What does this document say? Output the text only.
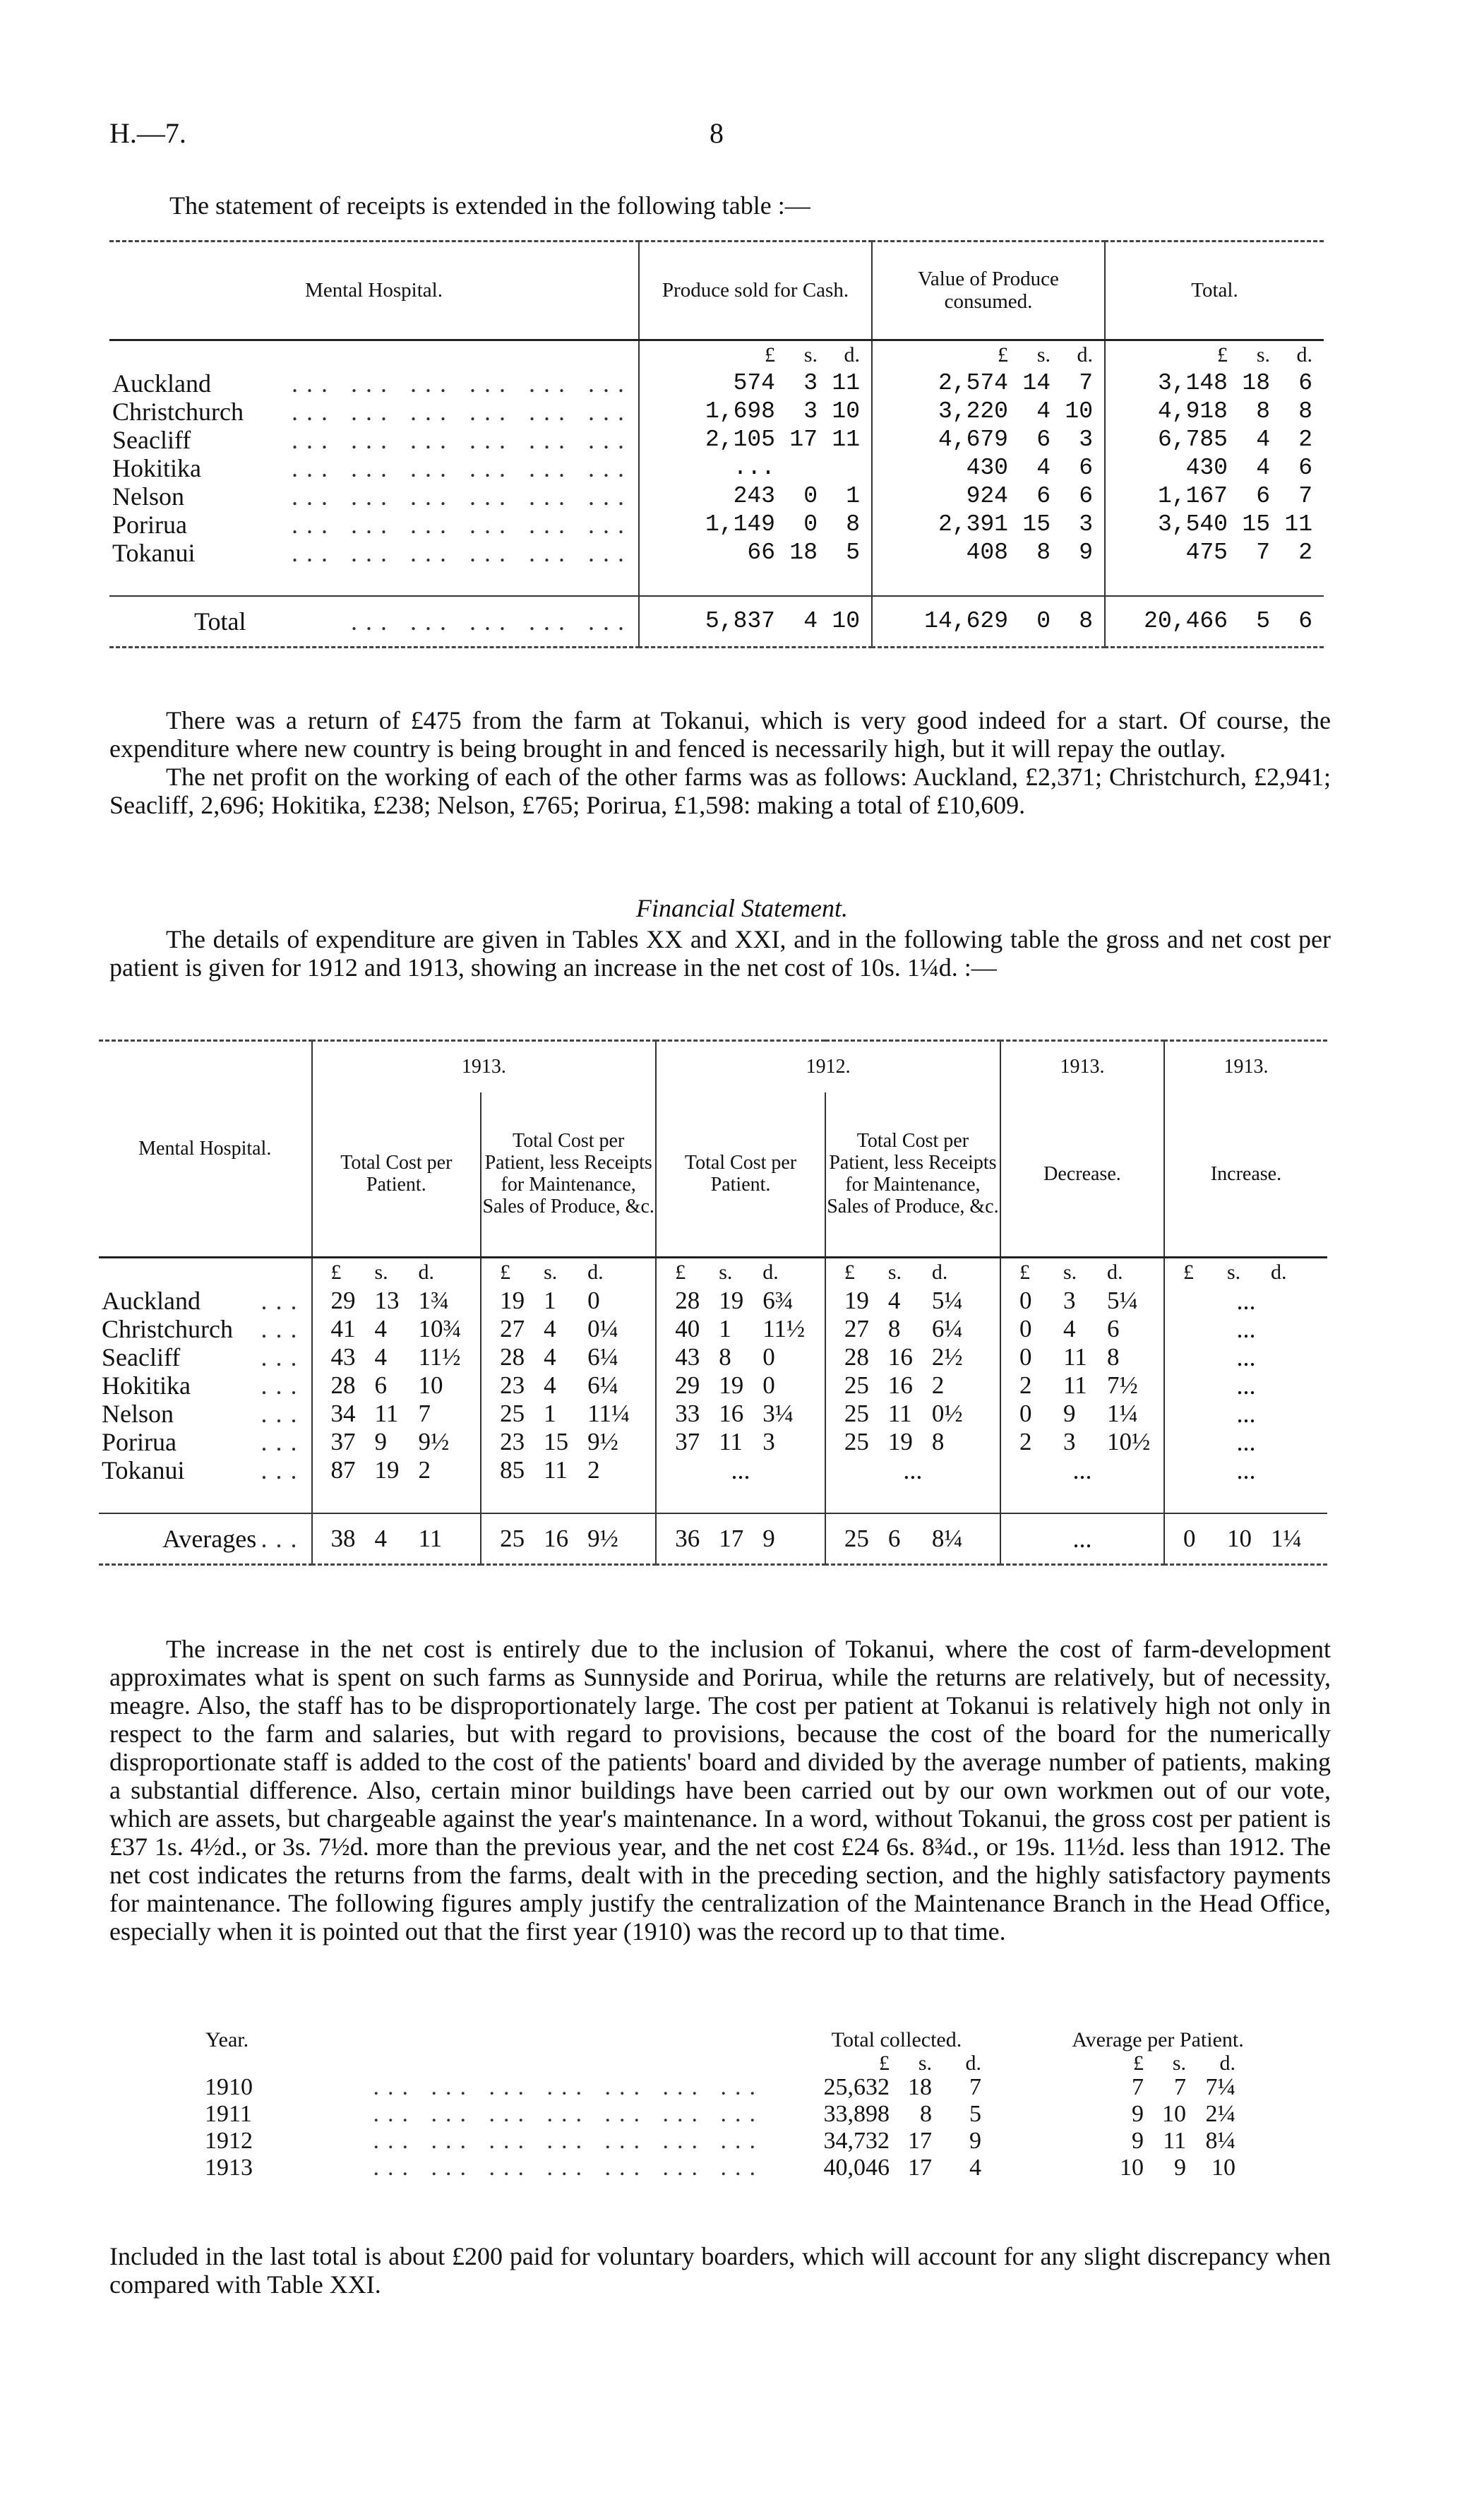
H.—7.	8
The statement of receipts is extended in the following table :—
Mental Hospital.	Produce sold for Cash.	Value of Produce consumed.	Total.

	£ s. d.	£ s. d.	£ s. d.

Auckland ... ... ... ... ... ...	574 3 11	2,574 14 7	3,148 18 6

Christchurch ... ... ... ... ... ...	1,698 3 10	3,220 4 10	4,918 8 8

Seacliff ... ... ... ... ... ...	2,105 17 11	4,679 6 3	6,785 4 2

Hokitika ... ... ... ... ... ...	...	430 4 6	430 4 6

Nelson ... ... ... ... ... ...	243 0 1	924 6 6	1,167 6 7

Porirua ... ... ... ... ... ...	1,149 0 8	2,391 15 3	3,540 15 11

Tokanui ... ... ... ... ... ...	66 18 5	408 8 9	475 7 2

Total ... ... ... ... ...	5,837 4 10	14,629 0 8	20,466 5 6

There was a return of £475 from the farm at Tokanui, which is very good indeed for a start. Of course, the expenditure where new country is being brought in and fenced is necessarily high, but it will repay the outlay.

The net profit on the working of each of the other farms was as follows: Auckland, £2,371; Christchurch, £2,941; Seacliff, 2,696; Hokitika, £238; Nelson, £765; Porirua, £1,598: making a total of £10,609.

Financial Statement.

The details of expenditure are given in Tables XX and XXI, and in the following table the gross and net cost per patient is given for 1912 and 1913, showing an increase in the net cost of 10s. 1¼d. :—

Mental Hospital.	1913.		1912.		1913.	1913.
	Total Cost per Patient.	Total Cost per Patient, less Receipts for Maintenance, Sales of Produce, &c.	Total Cost per Patient.	Total Cost per Patient, less Receipts for Maintenance, Sales of Produce, &c.	Decrease.	Increase.

	£ s. d.	£ s. d.	£ s. d.	£ s. d.	£ s. d.	£ s. d.

Auckland ...	29 13 1¾	19 1 0	28 19 6¾	19 4 5¼	0 3 5¼	...

Christchurch ...	41 4 10¾	27 4 0¼	40 1 11½	27 8 6¼	0 4 6	...

Seacliff ...	43 4 11½	28 4 6¼	43 8 0	28 16 2½	0 11 8	...

Hokitika ...	28 6 10	23 4 6¼	29 19 0	25 16 2	2 11 7½	...

Nelson ...	34 11 7	25 1 11¼	33 16 3¼	25 11 0½	0 9 1¼	...

Porirua ...	37 9 9½	23 15 9½	37 11 3	25 19 8	2 3 10½	...

Tokanui ...	87 19 2	85 11 2	...	...	...	...

Averages ...	38 4 11	25 16 9½	36 17 9	25 6 8¼	...	0 10 1¼

The increase in the net cost is entirely due to the inclusion of Tokanui, where the cost of farm-development approximates what is spent on such farms as Sunnyside and Porirua, while the returns are relatively, but of necessity, meagre. Also, the staff has to be disproportionately large. The cost per patient at Tokanui is relatively high not only in respect to the farm and salaries, but with regard to provisions, because the cost of the board for the numerically disproportionate staff is added to the cost of the patients' board and divided by the average number of patients, making a substantial difference. Also, certain minor buildings have been carried out by our own workmen out of our vote, which are assets, but chargeable against the year's maintenance. In a word, without Tokanui, the gross cost per patient is £37 1s. 4½d., or 3s. 7½d. more than the previous year, and the net cost £24 6s. 8¾d., or 19s. 11½d. less than 1912. The net cost indicates the returns from the farms, dealt with in the preceding section, and the highly satisfactory payments for maintenance. The following figures amply justify the centralization of the Maintenance Branch in the Head Office, especially when it is pointed out that the first year (1910) was the record up to that time.

Year.	Total collected.	Average per Patient.

	£ s. d.	£ s. d.

1910 ... ... ... ... ... ... ...	25,632 18 7	7 7 7¼

1911 ... ... ... ... ... ... ...	33,898 8 5	9 10 2¼

1912 ... ... ... ... ... ... ...	34,732 17 9	9 11 8¼

1913 ... ... ... ... ... ... ...	40,046 17 4	10 9 10
Included in the last total is about £200 paid for voluntary boarders, which will account for any slight discrepancy when compared with Table XXI.
